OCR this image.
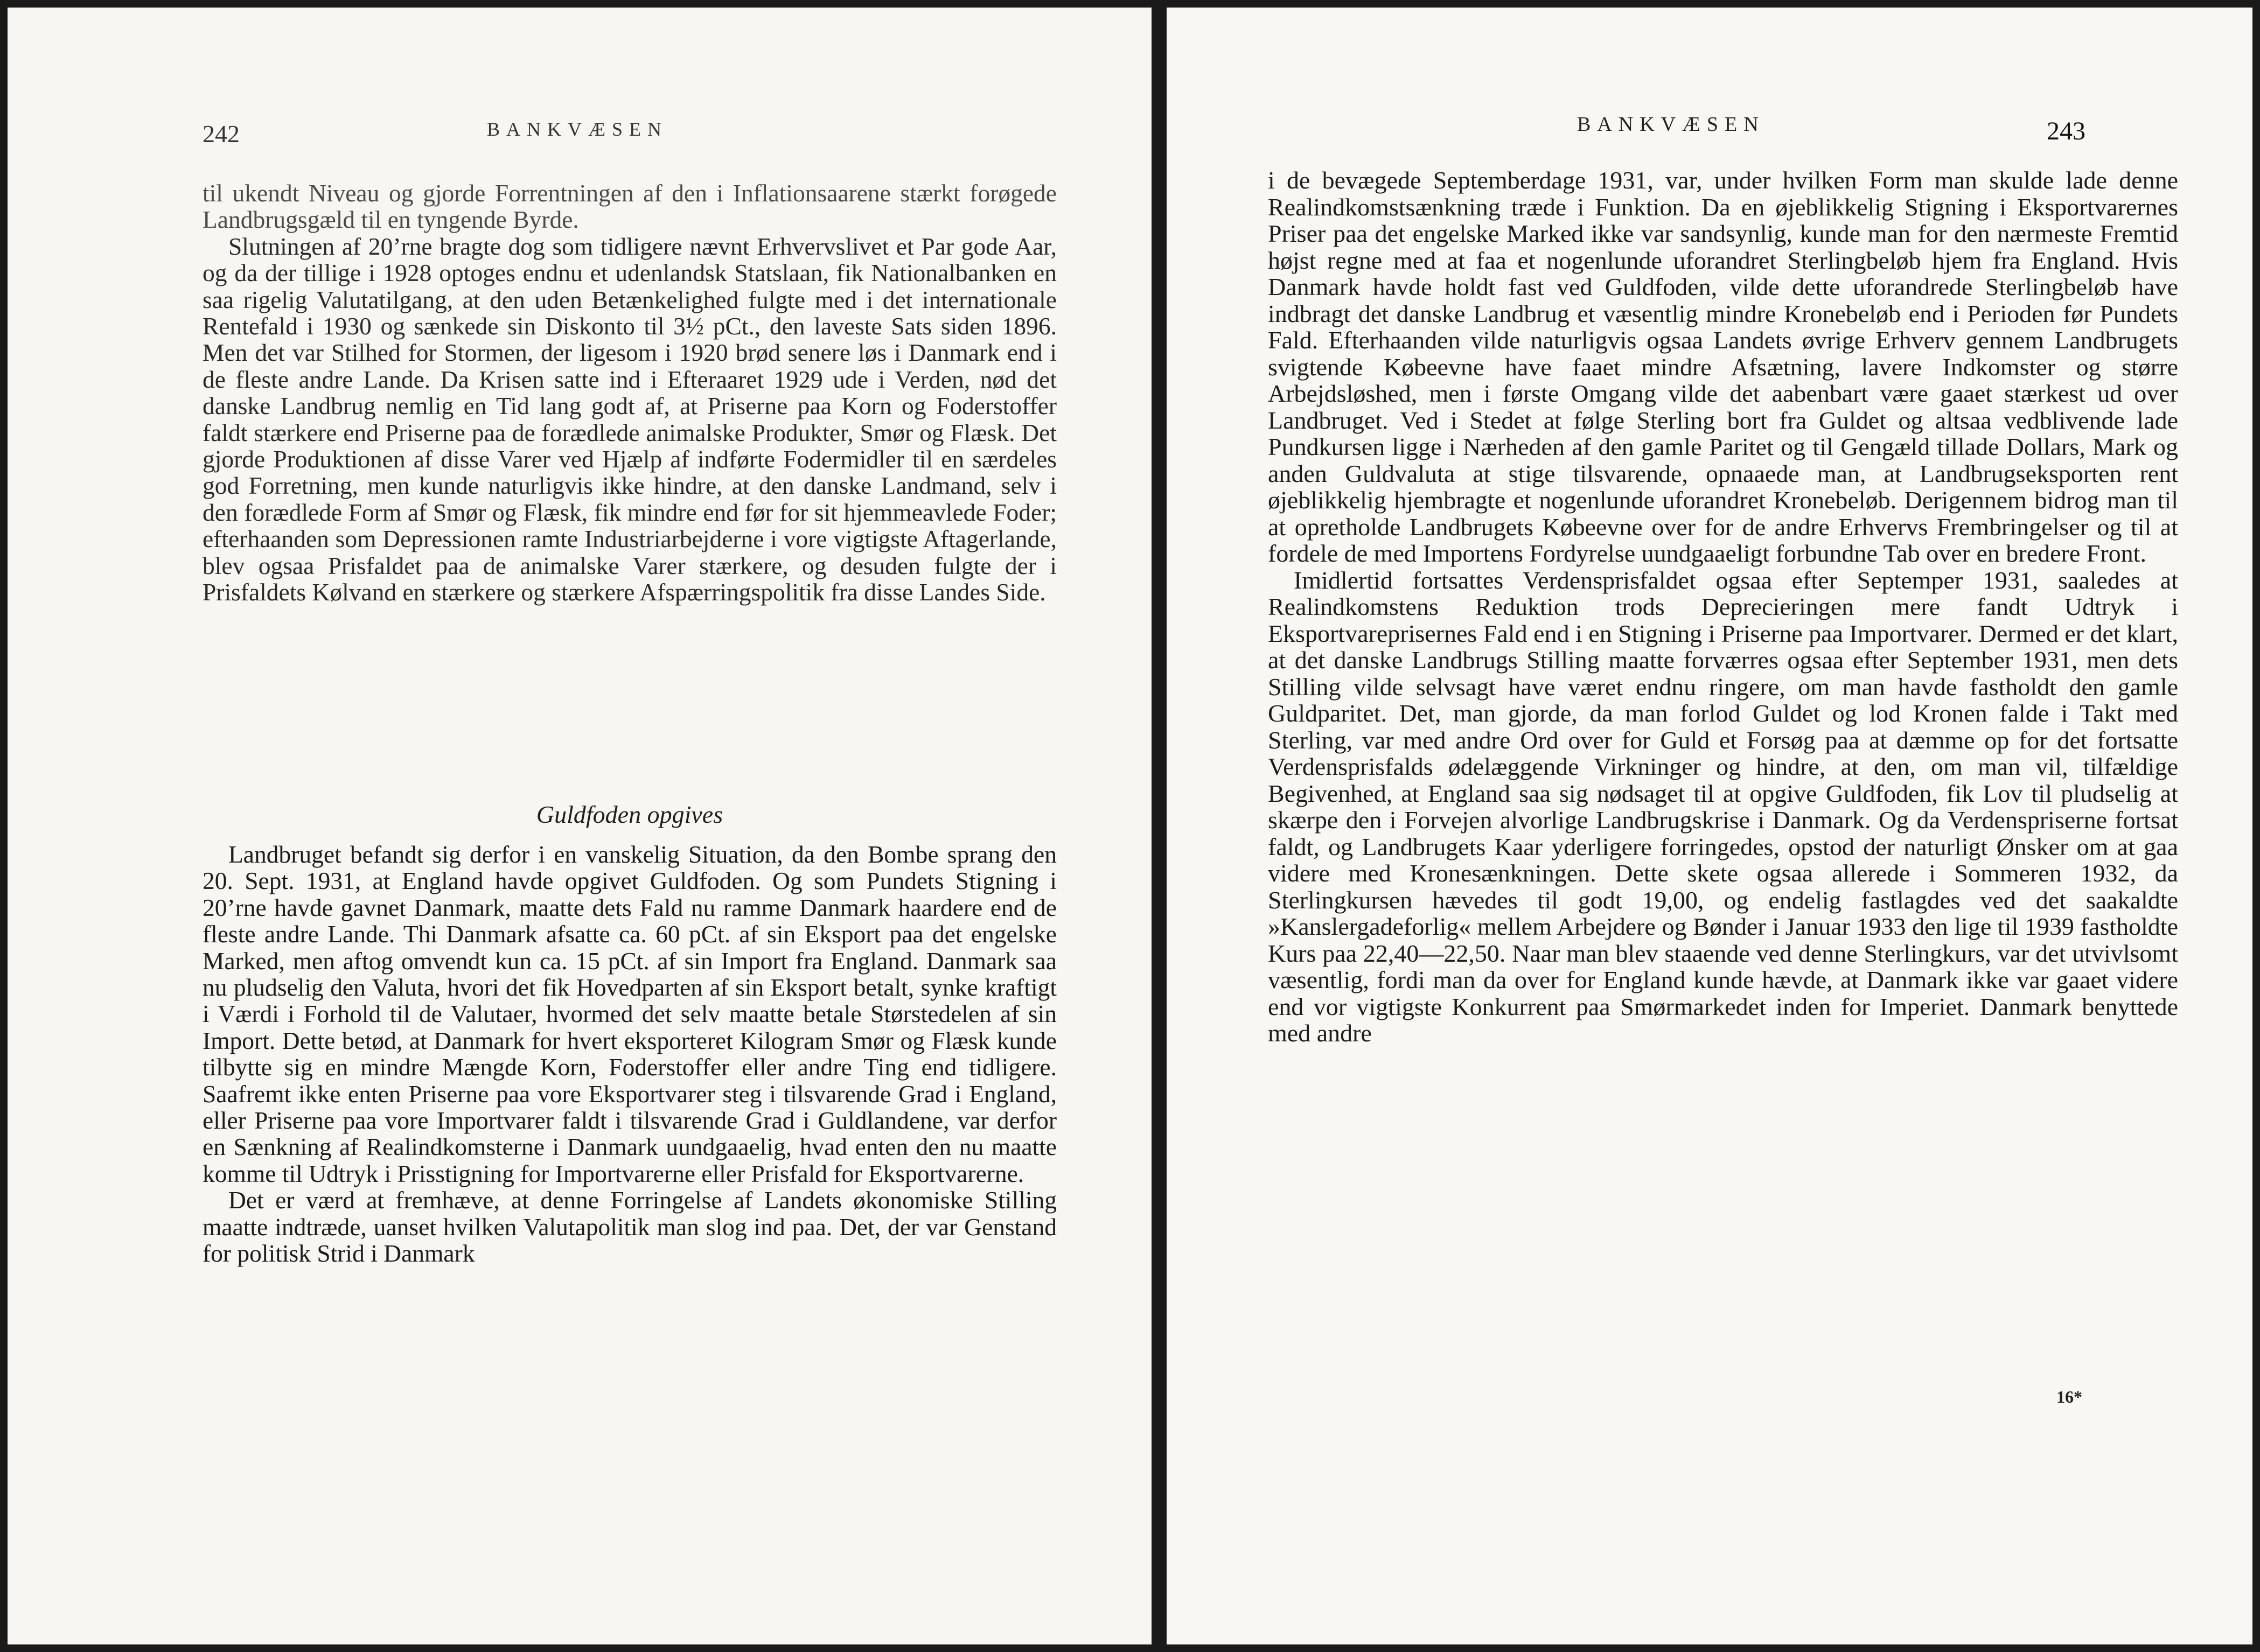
242	BANKVÆSEN

til ukendt Niveau og gjorde Forrentningen af den i Inflationsaarene stærkt forøgede Landbrugsgæld til en tyngende Byrde.

Slutningen af 20’rne bragte dog som tidligere nævnt Erhvervslivet et Par gode Aar, og da der tillige i 1928 optoges endnu et udenlandsk Statslaan, fik Nationalbanken en saa rigelig Valutatilgang, at den uden Betænkelighed fulgte med i det internationale Rentefald i 1930 og sænkede sin Diskonto til 3½ pCt., den laveste Sats siden 1896. Men det var Stilhed for Stormen, der ligesom i 1920 brød senere løs i Danmark end i de fleste andre Lande. Da Krisen satte ind i Efteraaret 1929 ude i Verden, nød det danske Landbrug nemlig en Tid lang godt af, at Priserne paa Korn og Foderstoffer faldt stærkere end Priserne paa de forædlede animalske Produkter, Smør og Flæsk. Det gjorde Produktionen af disse Varer ved Hjælp af indførte Fodermidler til en særdeles god Forretning, men kunde naturligvis ikke hindre, at den danske Landmand, selv i den forædlede Form af Smør og Flæsk, fik mindre end før for sit hjemmeavlede Foder; efterhaanden som Depressionen ramte Industriarbejderne i vore vigtigste Aftagerlande, blev ogsaa Prisfaldet paa de animalske Varer stærkere, og desuden fulgte der i Prisfaldets Kølvand en stærkere og stærkere Afspærringspolitik fra disse Landes Side.

Guldfoden opgives

Landbruget befandt sig derfor i en vanskelig Situation, da den Bombe sprang den 20. Sept. 1931, at England havde opgivet Guldfoden. Og som Pundets Stigning i 20’rne havde gavnet Danmark, maatte dets Fald nu ramme Danmark haardere end de fleste andre Lande. Thi Danmark afsatte ca. 60 pCt. af sin Eksport paa det engelske Marked, men aftog omvendt kun ca. 15 pCt. af sin Import fra England. Danmark saa nu pludselig den Valuta, hvori det fik Hovedparten af sin Eksport betalt, synke kraftigt i Værdi i Forhold til de Valutaer, hvormed det selv maatte betale Størstedelen af sin Import. Dette betød, at Danmark for hvert eksporteret Kilogram Smør og Flæsk kunde tilbytte sig en mindre Mængde Korn, Foderstoffer eller andre Ting end tidligere. Saafremt ikke enten Priserne paa vore Eksportvarer steg i tilsvarende Grad i England, eller Priserne paa vore Importvarer faldt i tilsvarende Grad i Guldlandene, var derfor en Sænkning af Realindkomsterne i Danmark uundgaaelig, hvad enten den nu maatte komme til Udtryk i Prisstigning for Importvarerne eller Prisfald for Eksportvarerne.

Det er værd at fremhæve, at denne Forringelse af Landets økonomiske Stilling maatte indtræde, uanset hvilken Valutapolitik man slog ind paa. Det, der var Genstand for politisk Strid i Danmark

BANKVÆSEN	243

i de bevægede Septemberdage 1931, var, under hvilken Form man skulde lade denne Realindkomstsænkning træde i Funktion. Da en øjeblikkelig Stigning i Eksportvarernes Priser paa det engelske Marked ikke var sandsynlig, kunde man for den nærmeste Fremtid højst regne med at faa et nogenlunde uforandret Sterlingbeløb hjem fra England. Hvis Danmark havde holdt fast ved Guldfoden, vilde dette uforandrede Sterlingbeløb have indbragt det danske Landbrug et væsentlig mindre Kronebeløb end i Perioden før Pundets Fald. Efterhaanden vilde naturligvis ogsaa Landets øvrige Erhverv gennem Landbrugets svigtende Købeevne have faaet mindre Afsætning, lavere Indkomster og større Arbejdsløshed, men i første Omgang vilde det aabenbart være gaaet stærkest ud over Landbruget. Ved i Stedet at følge Sterling bort fra Guldet og altsaa vedblivende lade Pundkursen ligge i Nærheden af den gamle Paritet og til Gengæld tillade Dollars, Mark og anden Guldvaluta at stige tilsvarende, opnaaede man, at Landbrugseksporten rent øjeblikkelig hjembragte et nogenlunde uforandret Kronebeløb. Derigennem bidrog man til at opretholde Landbrugets Købeevne over for de andre Erhvervs Frembringelser og til at fordele de med Importens Fordyrelse uundgaaeligt forbundne Tab over en bredere Front.

Imidlertid fortsattes Verdensprisfaldet ogsaa efter Septemper 1931, saaledes at Realindkomstens Reduktion trods Deprecieringen mere fandt Udtryk i Eksportvareprisernes Fald end i en Stigning i Priserne paa Importvarer. Dermed er det klart, at det danske Landbrugs Stilling maatte forværres ogsaa efter September 1931, men dets Stilling vilde selvsagt have været endnu ringere, om man havde fastholdt den gamle Guldparitet. Det, man gjorde, da man forlod Guldet og lod Kronen falde i Takt med Sterling, var med andre Ord over for Guld et Forsøg paa at dæmme op for det fortsatte Verdensprisfalds ødelæggende Virkninger og hindre, at den, om man vil, tilfældige Begivenhed, at England saa sig nødsaget til at opgive Guldfoden, fik Lov til pludselig at skærpe den i Forvejen alvorlige Landbrugskrise i Danmark. Og da Verdenspriserne fortsat faldt, og Landbrugets Kaar yderligere forringedes, opstod der naturligt Ønsker om at gaa videre med Kronesænkningen. Dette skete ogsaa allerede i Sommeren 1932, da Sterlingkursen hævedes til godt 19,00, og endelig fastlagdes ved det saakaldte »Kanslergadeforlig« mellem Arbejdere og Bønder i Januar 1933 den lige til 1939 fastholdte Kurs paa 22,40—22,50. Naar man blev staaende ved denne Sterlingkurs, var det utvivlsomt væsentlig, fordi man da over for England kunde hævde, at Danmark ikke var gaaet videre end vor vigtigste Konkurrent paa Smørmarkedet inden for Imperiet. Danmark benyttede med andre

16*
